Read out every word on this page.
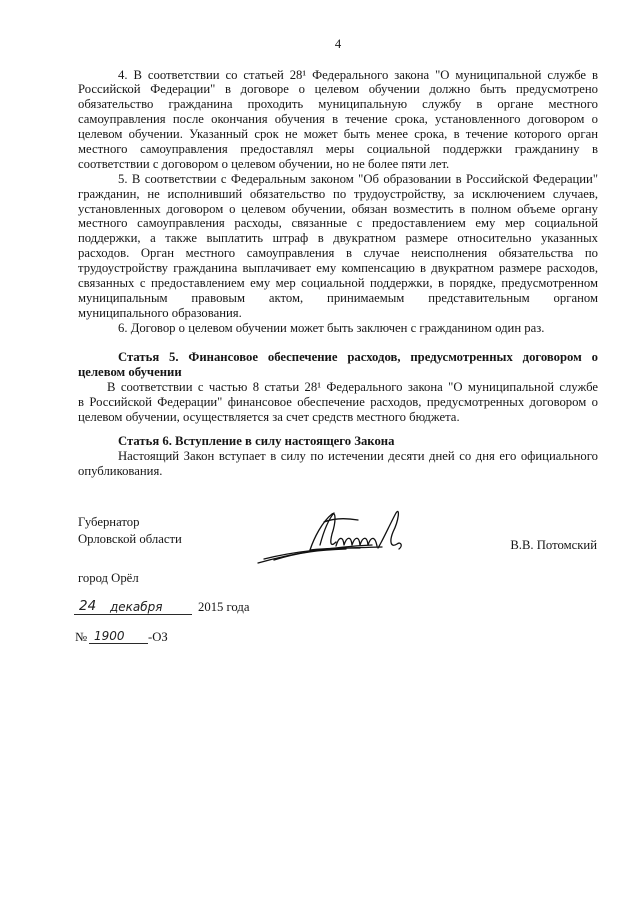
4
4. В соответствии со статьей 28¹ Федерального закона "О муниципальной службе в
Российской Федерации" в договоре о целевом обучении должно быть предусмотрено
обязательство гражданина проходить муниципальную службу в органе местного
самоуправления после окончания обучения в течение срока, установленного договором о
целевом обучении. Указанный срок не может быть менее срока, в течение которого орган
местного самоуправления предоставлял меры социальной поддержки гражданину в
соответствии с договором о целевом обучении, но не более пяти лет.
5. В соответствии с Федеральным законом "Об образовании в Российской Федерации"
гражданин, не исполнивший обязательство по трудоустройству, за исключением случаев,
установленных договором о целевом обучении, обязан возместить в полном объеме органу
местного самоуправления расходы, связанные с предоставлением ему мер социальной
поддержки, а также выплатить штраф в двукратном размере относительно указанных
расходов. Орган местного самоуправления в случае неисполнения обязательства по
трудоустройству гражданина выплачивает ему компенсацию в двукратном размере расходов,
связанных с предоставлением ему мер социальной поддержки, в порядке, предусмотренном
муниципальным правовым актом, принимаемым представительным органом
муниципального образования.
6. Договор о целевом обучении может быть заключен с гражданином один раз.
Статья 5. Финансовое обеспечение расходов, предусмотренных договором о
целевом обучении
В соответствии с частью 8 статьи 28¹ Федерального закона "О муниципальной службе
в Российской Федерации" финансовое обеспечение расходов, предусмотренных договором о
целевом обучении, осуществляется за счет средств местного бюджета.
Статья 6. Вступление в силу настоящего Закона
Настоящий Закон вступает в силу по истечении десяти дней со дня его официального
опубликования.
Губернатор
Орловской области	В.В. Потомский
город Орёл
24 декабря	2015 года
№ 1900 -ОЗ
